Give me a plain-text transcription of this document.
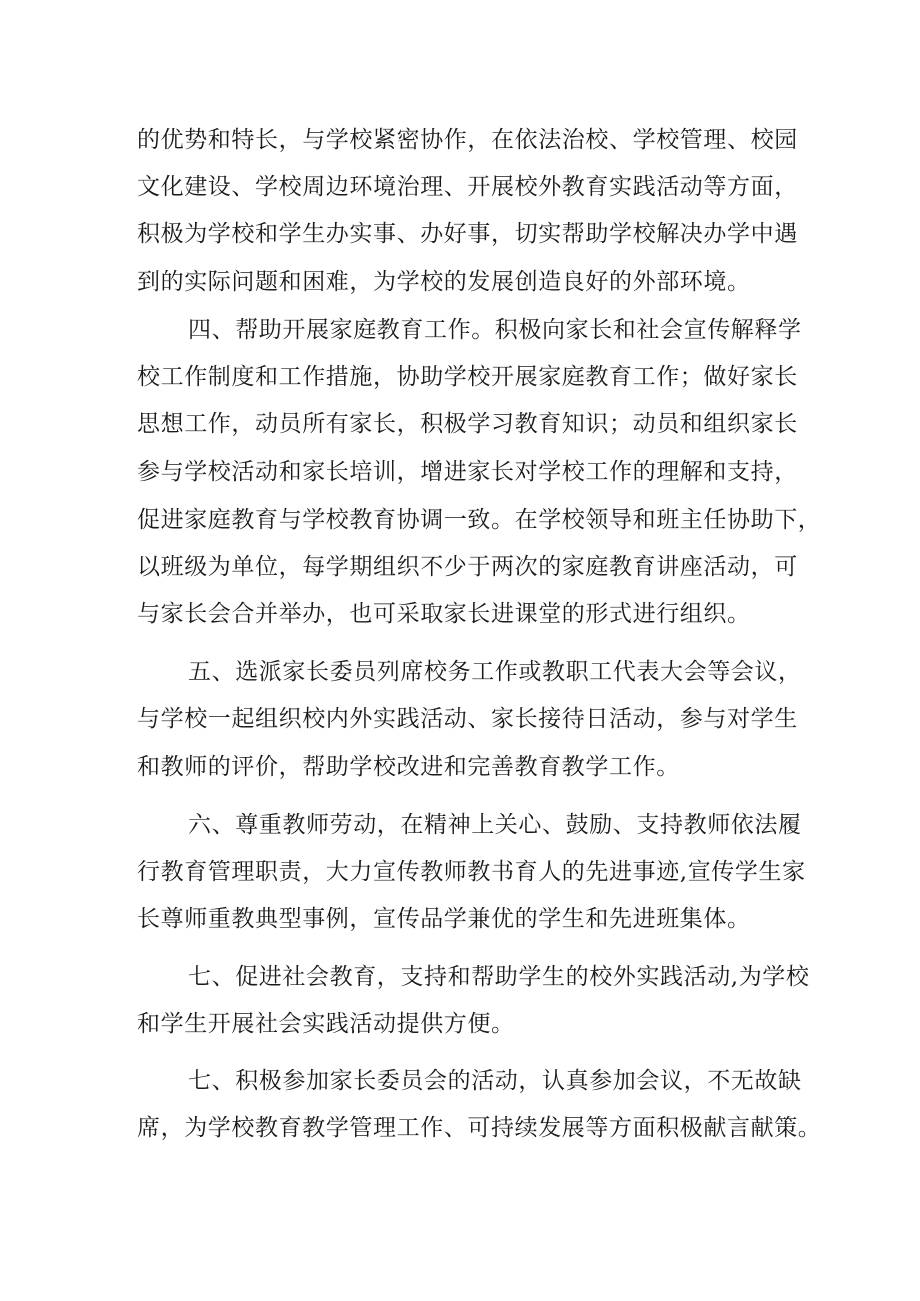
的优势和特长，与学校紧密协作，在依法治校、学校管理、校园
文化建设、学校周边环境治理、开展校外教育实践活动等方面，
积极为学校和学生办实事、办好事，切实帮助学校解决办学中遇
到的实际问题和困难，为学校的发展创造良好的外部环境。
四、帮助开展家庭教育工作。积极向家长和社会宣传解释学
校工作制度和工作措施，协助学校开展家庭教育工作；做好家长
思想工作，动员所有家长，积极学习教育知识；动员和组织家长
参与学校活动和家长培训，增进家长对学校工作的理解和支持，
促进家庭教育与学校教育协调一致。在学校领导和班主任协助下，
以班级为单位，每学期组织不少于两次的家庭教育讲座活动，可
与家长会合并举办，也可采取家长进课堂的形式进行组织。
五、选派家长委员列席校务工作或教职工代表大会等会议，
与学校一起组织校内外实践活动、家长接待日活动，参与对学生
和教师的评价，帮助学校改进和完善教育教学工作。
六、尊重教师劳动，在精神上关心、鼓励、支持教师依法履
行教育管理职责，大力宣传教师教书育人的先进事迹,宣传学生家
长尊师重教典型事例，宣传品学兼优的学生和先进班集体。
七、促进社会教育，支持和帮助学生的校外实践活动,为学校
和学生开展社会实践活动提供方便。
七、积极参加家长委员会的活动，认真参加会议，不无故缺
席，为学校教育教学管理工作、可持续发展等方面积极献言献策。
